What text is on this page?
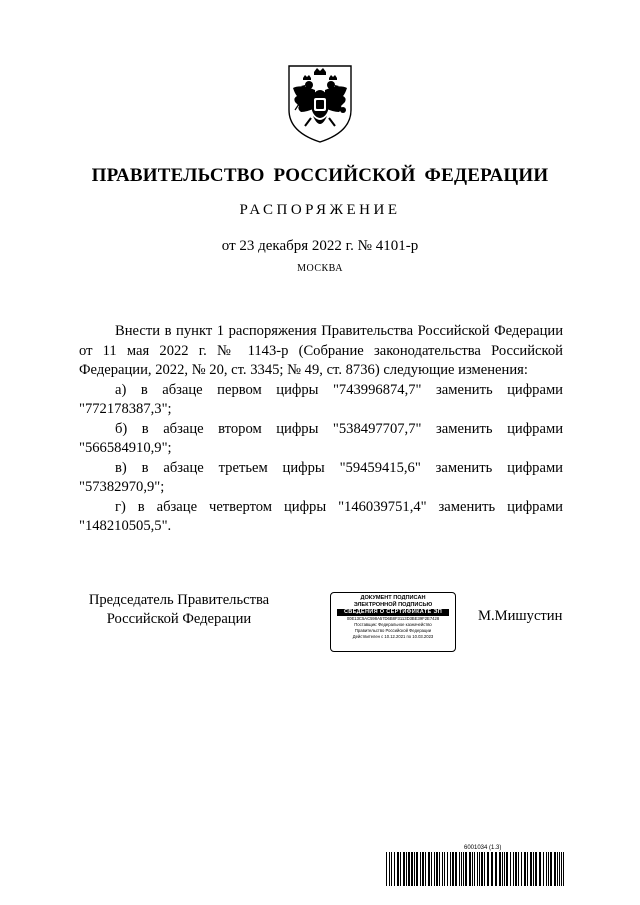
ПРАВИТЕЛЬСТВО РОССИЙСКОЙ ФЕДЕРАЦИИ
РАСПОРЯЖЕНИЕ
от 23 декабря 2022 г. № 4101-р
МОСКВА

Внести в пункт 1 распоряжения Правительства Российской Федерации от 11 мая 2022 г. № 1143-р (Собрание законодательства Российской Федерации, 2022, № 20, ст. 3345; № 49, ст. 8736) следующие изменения:

а) в абзаце первом цифры "743996874,7" заменить цифрами "772178387,3";

б) в абзаце втором цифры "538497707,7" заменить цифрами "566584910,9";

в) в абзаце третьем цифры "59459415,6" заменить цифрами "57382970,9";

г) в абзаце четвертом цифры "146039751,4" заменить цифрами "148210505,5".

Председатель Правительства
Российской Федерации
ДОКУМЕНТ ПОДПИСАН
ЭЛЕКТРОННОЙ ПОДПИСЬЮ
СВЕДЕНИЯ О СЕРТИФИКАТЕ ЭП
00E13C5AC598A57D6B8F3113D3BE39F2E7428
Поставщик: Федеральное казначейство
Правительство Российской Федерации
Действителен с 10.12.2021 по 10.03.2023
М.Мишустин
6001034 (1.3)
